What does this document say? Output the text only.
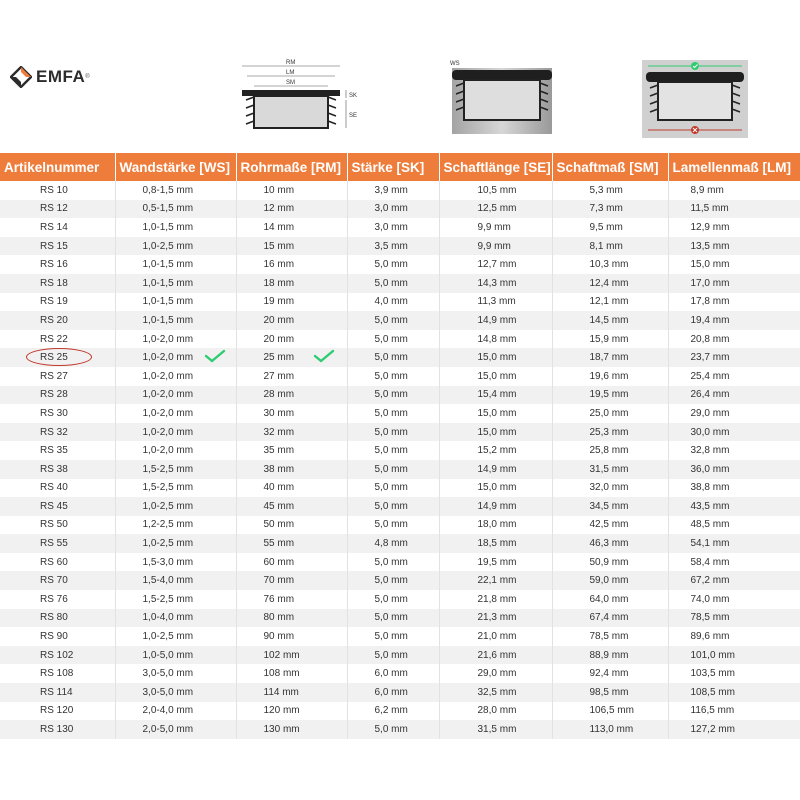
EMFA ®
RM
LM
SM
SK
SE
WS
Artikelnummer	Wandstärke [WS]	Rohrmaße [RM]	Stärke [SK]	Schaftlänge [SE]	Schaftmaß [SM]	Lamellenmaß [LM]
RS 10	0,8-1,5 mm	10 mm	3,9 mm	10,5 mm	5,3 mm	8,9 mm
RS 12	0,5-1,5 mm	12 mm	3,0 mm	12,5 mm	7,3 mm	11,5 mm
RS 14	1,0-1,5 mm	14 mm	3,0 mm	9,9 mm	9,5 mm	12,9 mm
RS 15	1,0-2,5 mm	15 mm	3,5 mm	9,9 mm	8,1 mm	13,5 mm
RS 16	1,0-1,5 mm	16 mm	5,0 mm	12,7 mm	10,3 mm	15,0 mm
RS 18	1,0-1,5 mm	18 mm	5,0 mm	14,3 mm	12,4 mm	17,0 mm
RS 19	1,0-1,5 mm	19 mm	4,0 mm	11,3 mm	12,1 mm	17,8 mm
RS 20	1,0-1,5 mm	20 mm	5,0 mm	14,9 mm	14,5 mm	19,4 mm
RS 22	1,0-2,0 mm	20 mm	5,0 mm	14,8 mm	15,9 mm	20,8 mm
RS 25	1,0-2,0 mm	25 mm	5,0 mm	15,0 mm	18,7 mm	23,7 mm
RS 27	1,0-2,0 mm	27 mm	5,0 mm	15,0 mm	19,6 mm	25,4 mm
RS 28	1,0-2,0 mm	28 mm	5,0 mm	15,4 mm	19,5 mm	26,4 mm
RS 30	1,0-2,0 mm	30 mm	5,0 mm	15,0 mm	25,0 mm	29,0 mm
RS 32	1,0-2,0 mm	32 mm	5,0 mm	15,0 mm	25,3 mm	30,0 mm
RS 35	1,0-2,0 mm	35 mm	5,0 mm	15,2 mm	25,8 mm	32,8 mm
RS 38	1,5-2,5 mm	38 mm	5,0 mm	14,9 mm	31,5 mm	36,0 mm
RS 40	1,5-2,5 mm	40 mm	5,0 mm	15,0 mm	32,0 mm	38,8 mm
RS 45	1,0-2,5 mm	45 mm	5,0 mm	14,9 mm	34,5 mm	43,5 mm
RS 50	1,2-2,5 mm	50 mm	5,0 mm	18,0 mm	42,5 mm	48,5 mm
RS 55	1,0-2,5 mm	55 mm	4,8 mm	18,5 mm	46,3 mm	54,1 mm
RS 60	1,5-3,0 mm	60 mm	5,0 mm	19,5 mm	50,9 mm	58,4 mm
RS 70	1,5-4,0 mm	70 mm	5,0 mm	22,1 mm	59,0 mm	67,2 mm
RS 76	1,5-2,5 mm	76 mm	5,0 mm	21,8 mm	64,0 mm	74,0 mm
RS 80	1,0-4,0 mm	80 mm	5,0 mm	21,3 mm	67,4 mm	78,5 mm
RS 90	1,0-2,5 mm	90 mm	5,0 mm	21,0 mm	78,5 mm	89,6 mm
RS 102	1,0-5,0 mm	102 mm	5,0 mm	21,6 mm	88,9 mm	101,0 mm
RS 108	3,0-5,0 mm	108 mm	6,0 mm	29,0 mm	92,4 mm	103,5 mm
RS 114	3,0-5,0 mm	114 mm	6,0 mm	32,5 mm	98,5 mm	108,5 mm
RS 120	2,0-4,0 mm	120 mm	6,2 mm	28,0 mm	106,5 mm	116,5 mm
RS 130	2,0-5,0 mm	130 mm	5,0 mm	31,5 mm	113,0 mm	127,2 mm
